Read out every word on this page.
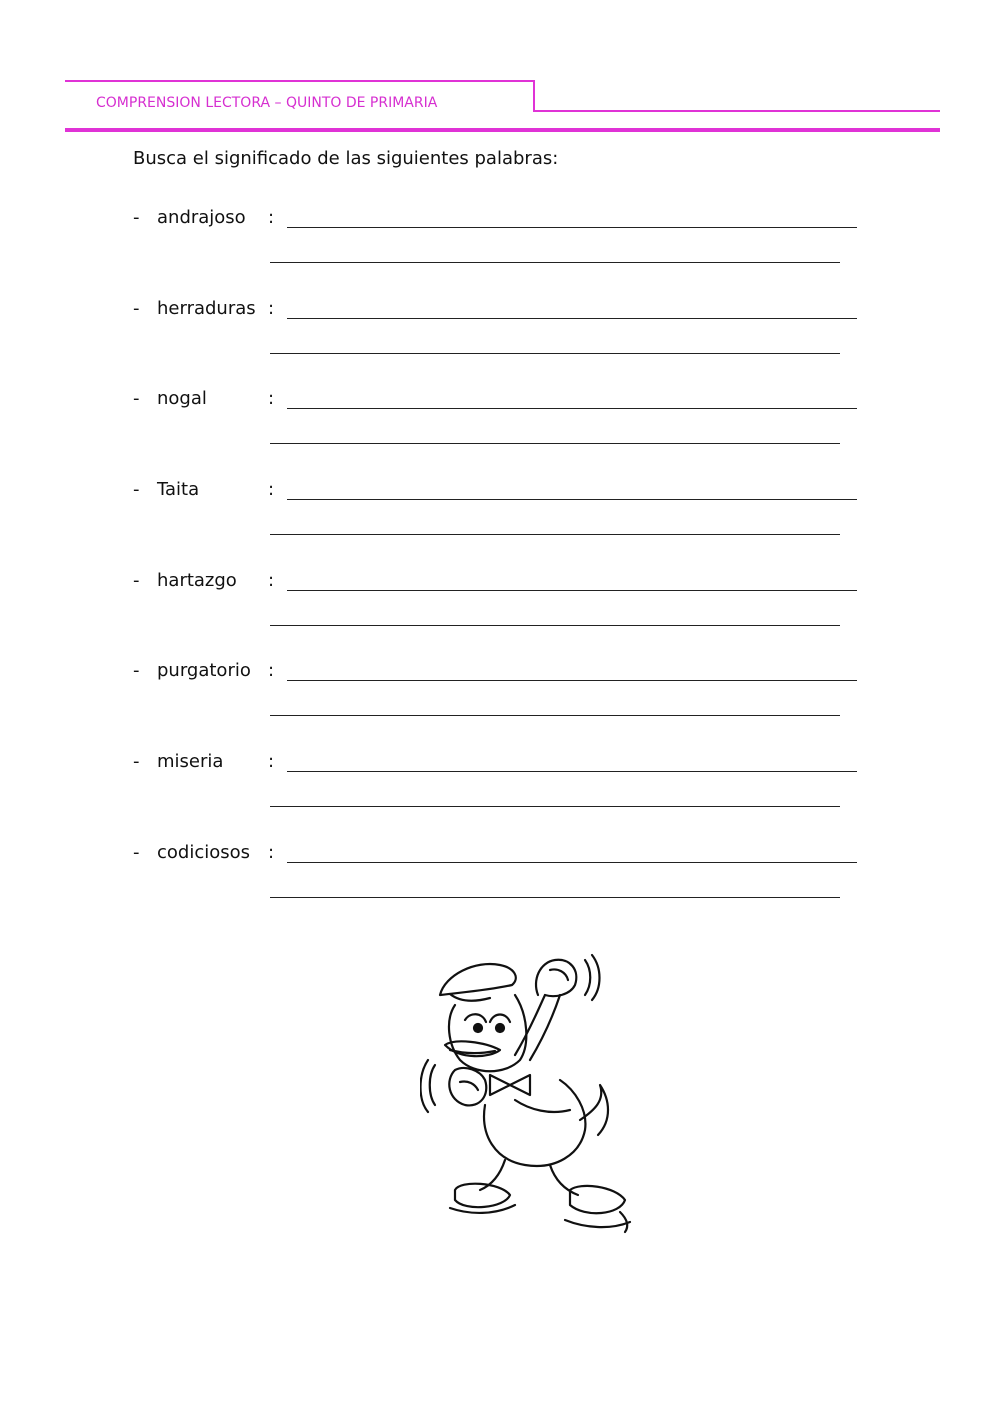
COMPRENSION LECTORA – QUINTO DE PRIMARIA
Busca el significado de las siguientes palabras:
- andrajoso :
- herraduras :
- nogal	:
- Taita	:
- hartazgo :
- purgatorio :
- miseria :
- codiciosos :
